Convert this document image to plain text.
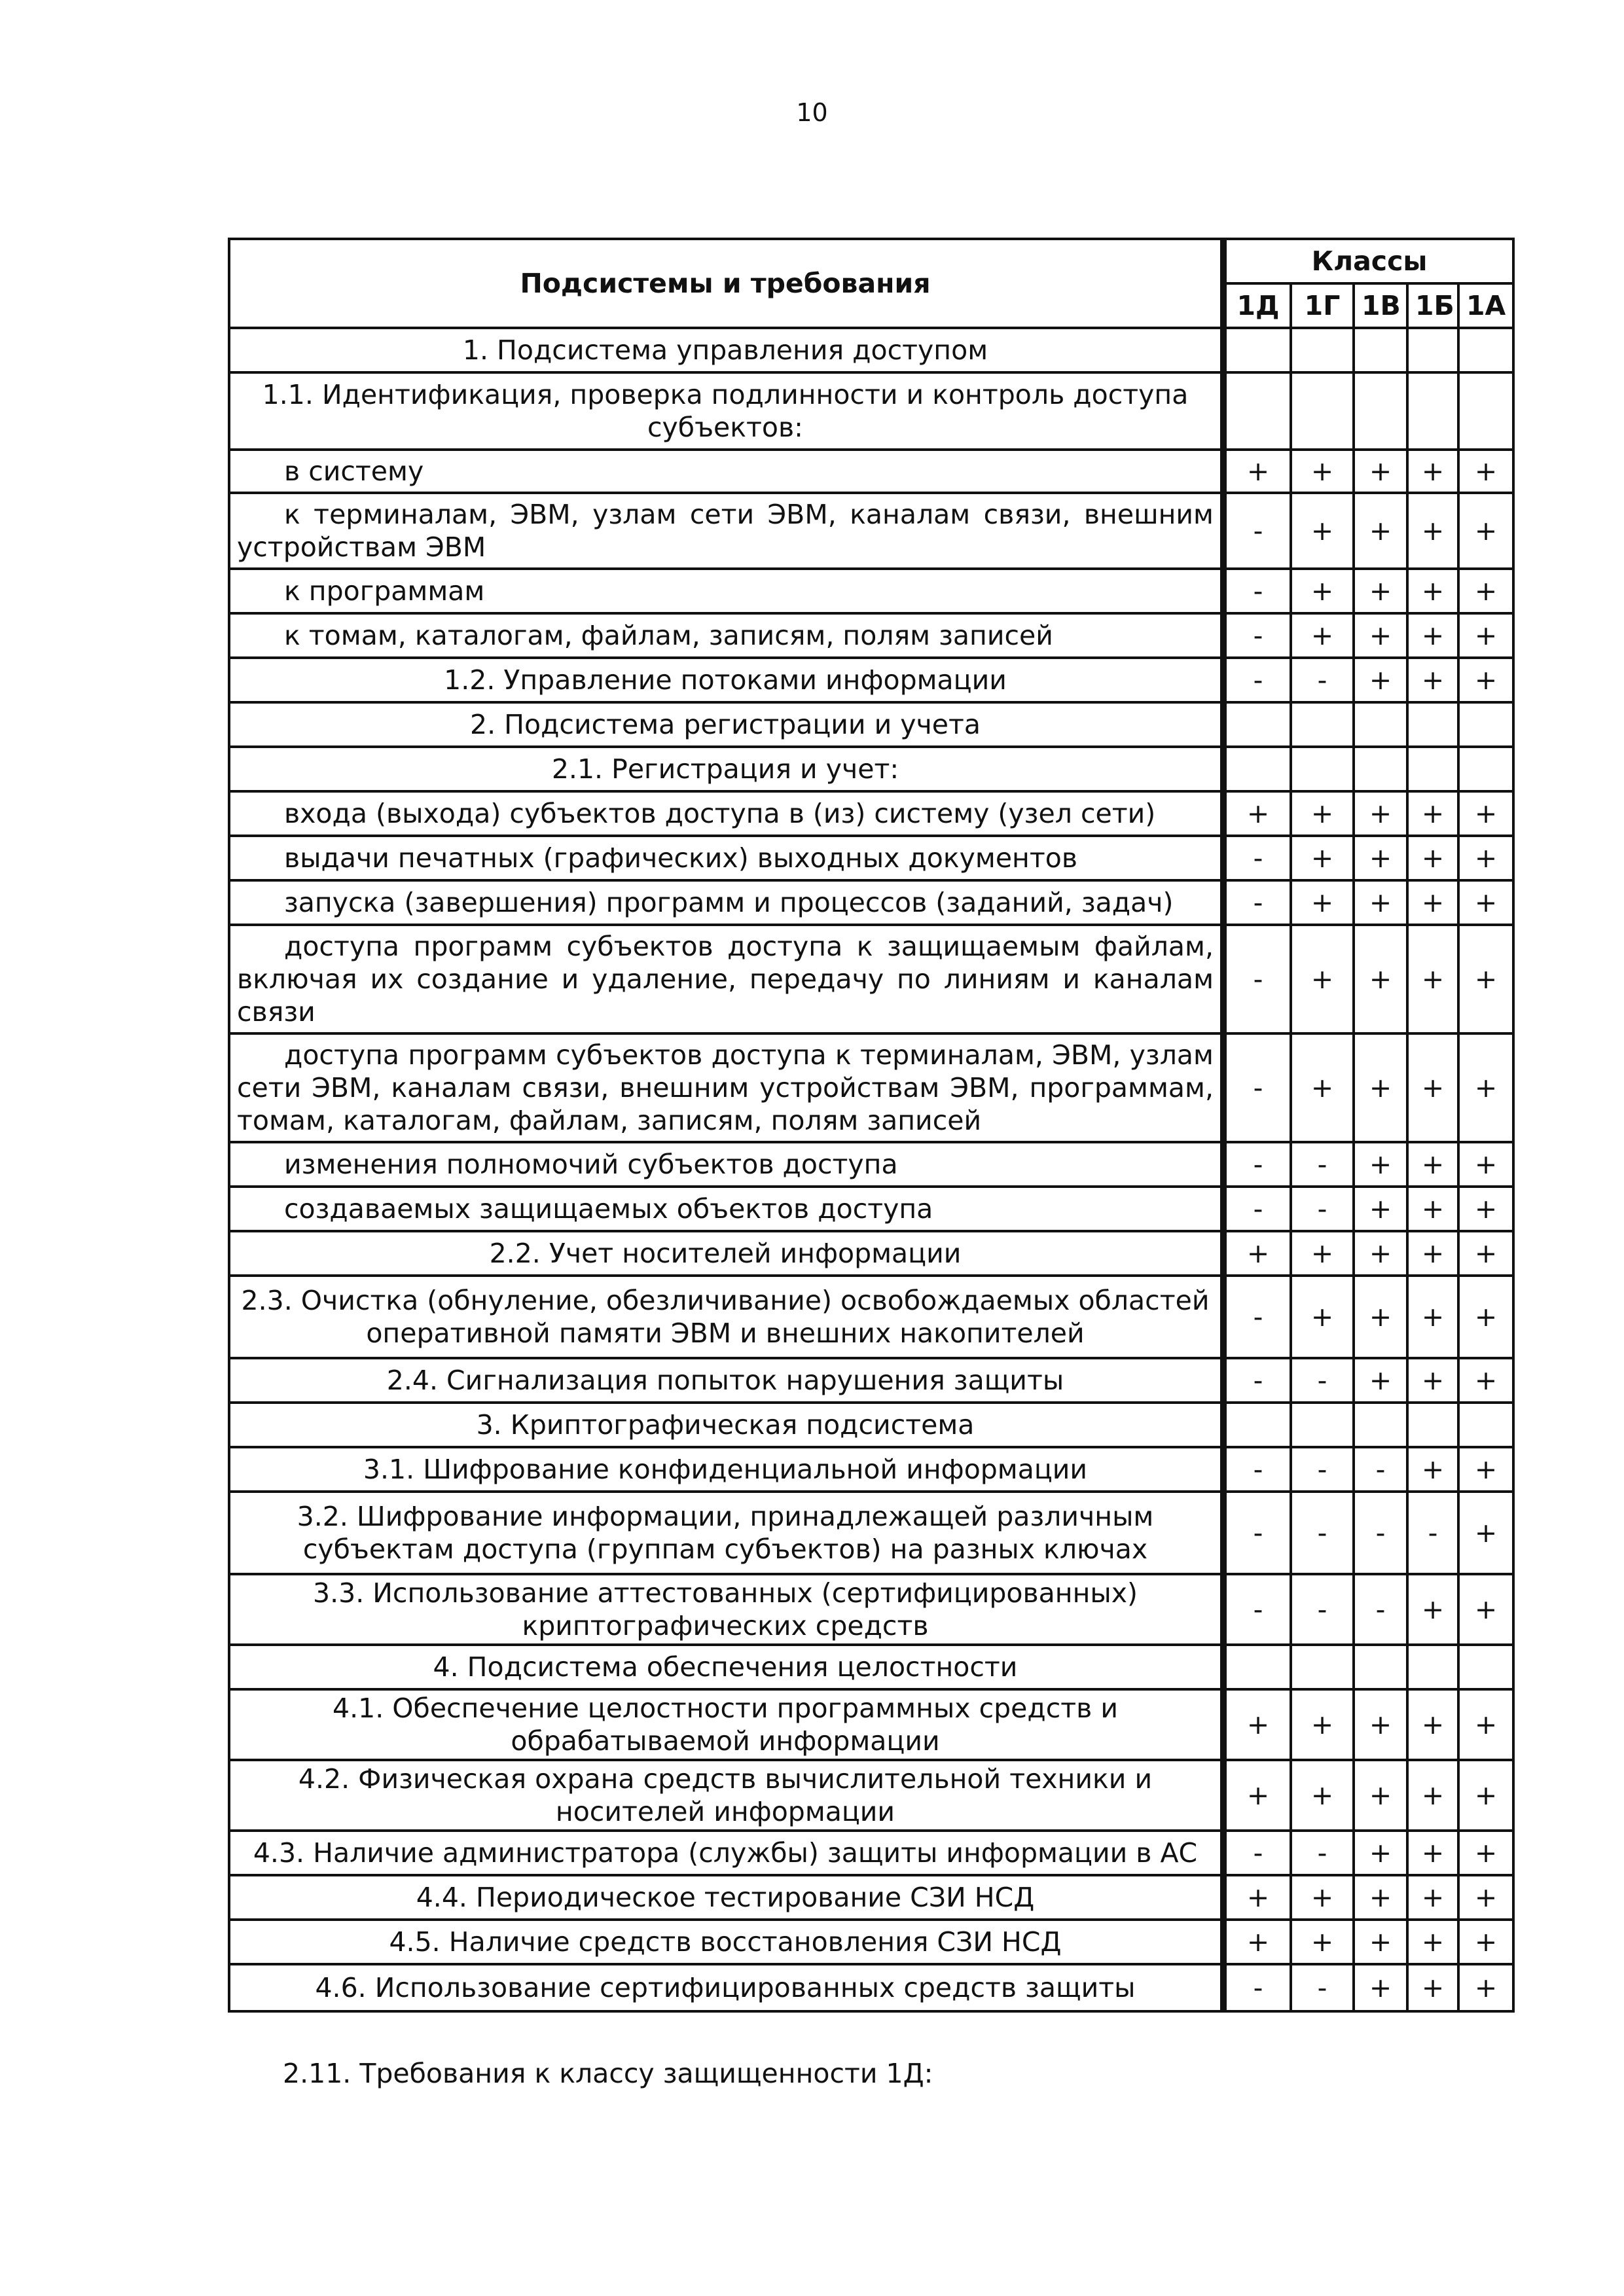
10
Подсистемы и требования	Классы				
	1Д	1Г	1В	1Б	1А
1. Подсистема управления доступом					
1.1. Идентификация, проверка подлинности и контроль доступа субъектов:					
в систему	+	+	+	+	+
к терминалам, ЭВМ, узлам сети ЭВМ, каналам связи, внешним устройствам ЭВМ	-	+	+	+	+
к программам	-	+	+	+	+
к томам, каталогам, файлам, записям, полям записей	-	+	+	+	+
1.2. Управление потоками информации	-	-	+	+	+
2. Подсистема регистрации и учета					
2.1. Регистрация и учет:					
входа (выхода) субъектов доступа в (из) систему (узел сети)	+	+	+	+	+
выдачи печатных (графических) выходных документов	-	+	+	+	+
запуска (завершения) программ и процессов (заданий, задач)	-	+	+	+	+
доступа программ субъектов доступа к защищаемым файлам, включая их создание и удаление, передачу по линиям и каналам связи	-	+	+	+	+
доступа программ субъектов доступа к терминалам, ЭВМ, узлам сети ЭВМ, каналам связи, внешним устройствам ЭВМ, программам, томам, каталогам, файлам, записям, полям записей	-	+	+	+	+
изменения полномочий субъектов доступа	-	-	+	+	+
создаваемых защищаемых объектов доступа	-	-	+	+	+
2.2. Учет носителей информации	+	+	+	+	+
2.3. Очистка (обнуление, обезличивание) освобождаемых областей оперативной памяти ЭВМ и внешних накопителей	-	+	+	+	+
2.4. Сигнализация попыток нарушения защиты	-	-	+	+	+
3. Криптографическая подсистема					
3.1. Шифрование конфиденциальной информации	-	-	-	+	+
3.2. Шифрование информации, принадлежащей различным субъектам доступа (группам субъектов) на разных ключах	-	-	-	-	+
3.3. Использование аттестованных (сертифицированных) криптографических средств	-	-	-	+	+
4. Подсистема обеспечения целостности					
4.1. Обеспечение целостности программных средств и обрабатываемой информации	+	+	+	+	+
4.2. Физическая охрана средств вычислительной техники и носителей информации	+	+	+	+	+
4.3. Наличие администратора (службы) защиты информации в АС	-	-	+	+	+
4.4. Периодическое тестирование СЗИ НСД	+	+	+	+	+
4.5. Наличие средств восстановления СЗИ НСД	+	+	+	+	+
4.6. Использование сертифицированных средств защиты	-	-	+	+	+
2.11. Требования к классу защищенности 1Д:
